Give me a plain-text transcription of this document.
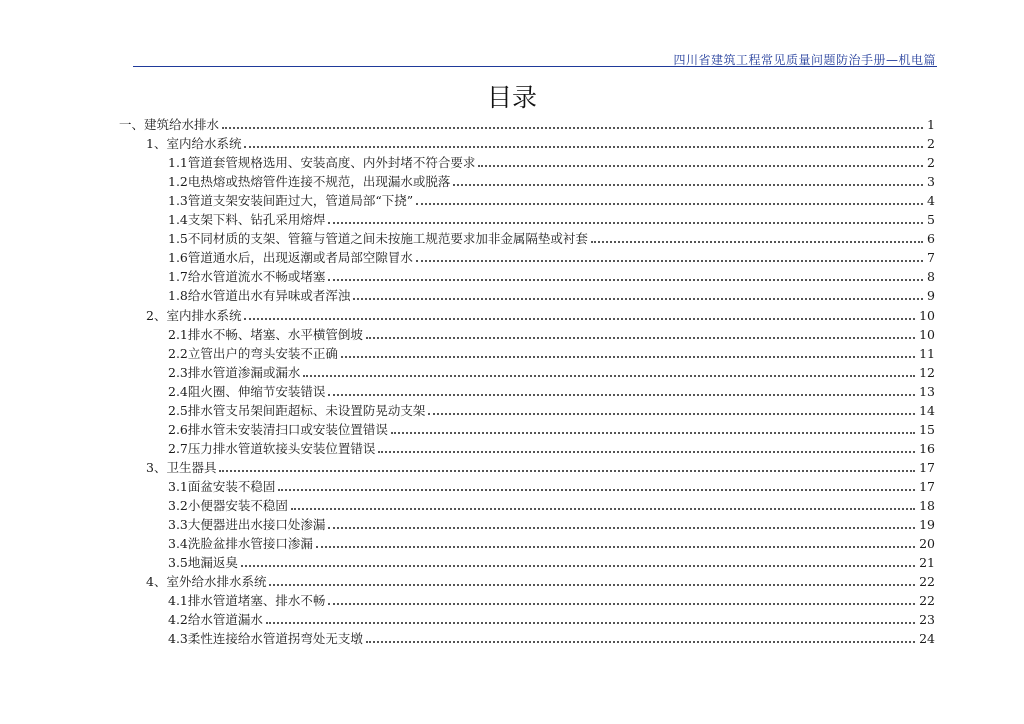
四川省建筑工程常见质量问题防治手册—机电篇
目录
一、建筑给水排水	1
1、室内给水系统	2
1.1管道套管规格选用、安装高度、内外封堵不符合要求	2
1.2电热熔或热熔管件连接不规范，出现漏水或脱落	3
1.3管道支架安装间距过大，管道局部“下挠”	4
1.4支架下料、钻孔采用熔焊	5
1.5不同材质的支架、管箍与管道之间未按施工规范要求加非金属隔垫或衬套	6
1.6管道通水后，出现返潮或者局部空隙冒水	7
1.7给水管道流水不畅或堵塞	8
1.8给水管道出水有异味或者浑浊	9
2、室内排水系统	10
2.1排水不畅、堵塞、水平横管倒坡	10
2.2立管出户的弯头安装不正确	11
2.3排水管道渗漏或漏水	12
2.4阻火圈、伸缩节安装错误	13
2.5排水管支吊架间距超标、未设置防晃动支架	14
2.6排水管未安装清扫口或安装位置错误	15
2.7压力排水管道软接头安装位置错误	16
3、卫生器具	17
3.1面盆安装不稳固	17
3.2小便器安装不稳固	18
3.3大便器进出水接口处渗漏	19
3.4洗脸盆排水管接口渗漏	20
3.5地漏返臭	21
4、室外给水排水系统	22
4.1排水管道堵塞、排水不畅	22
4.2给水管道漏水	23
4.3柔性连接给水管道拐弯处无支墩	24
